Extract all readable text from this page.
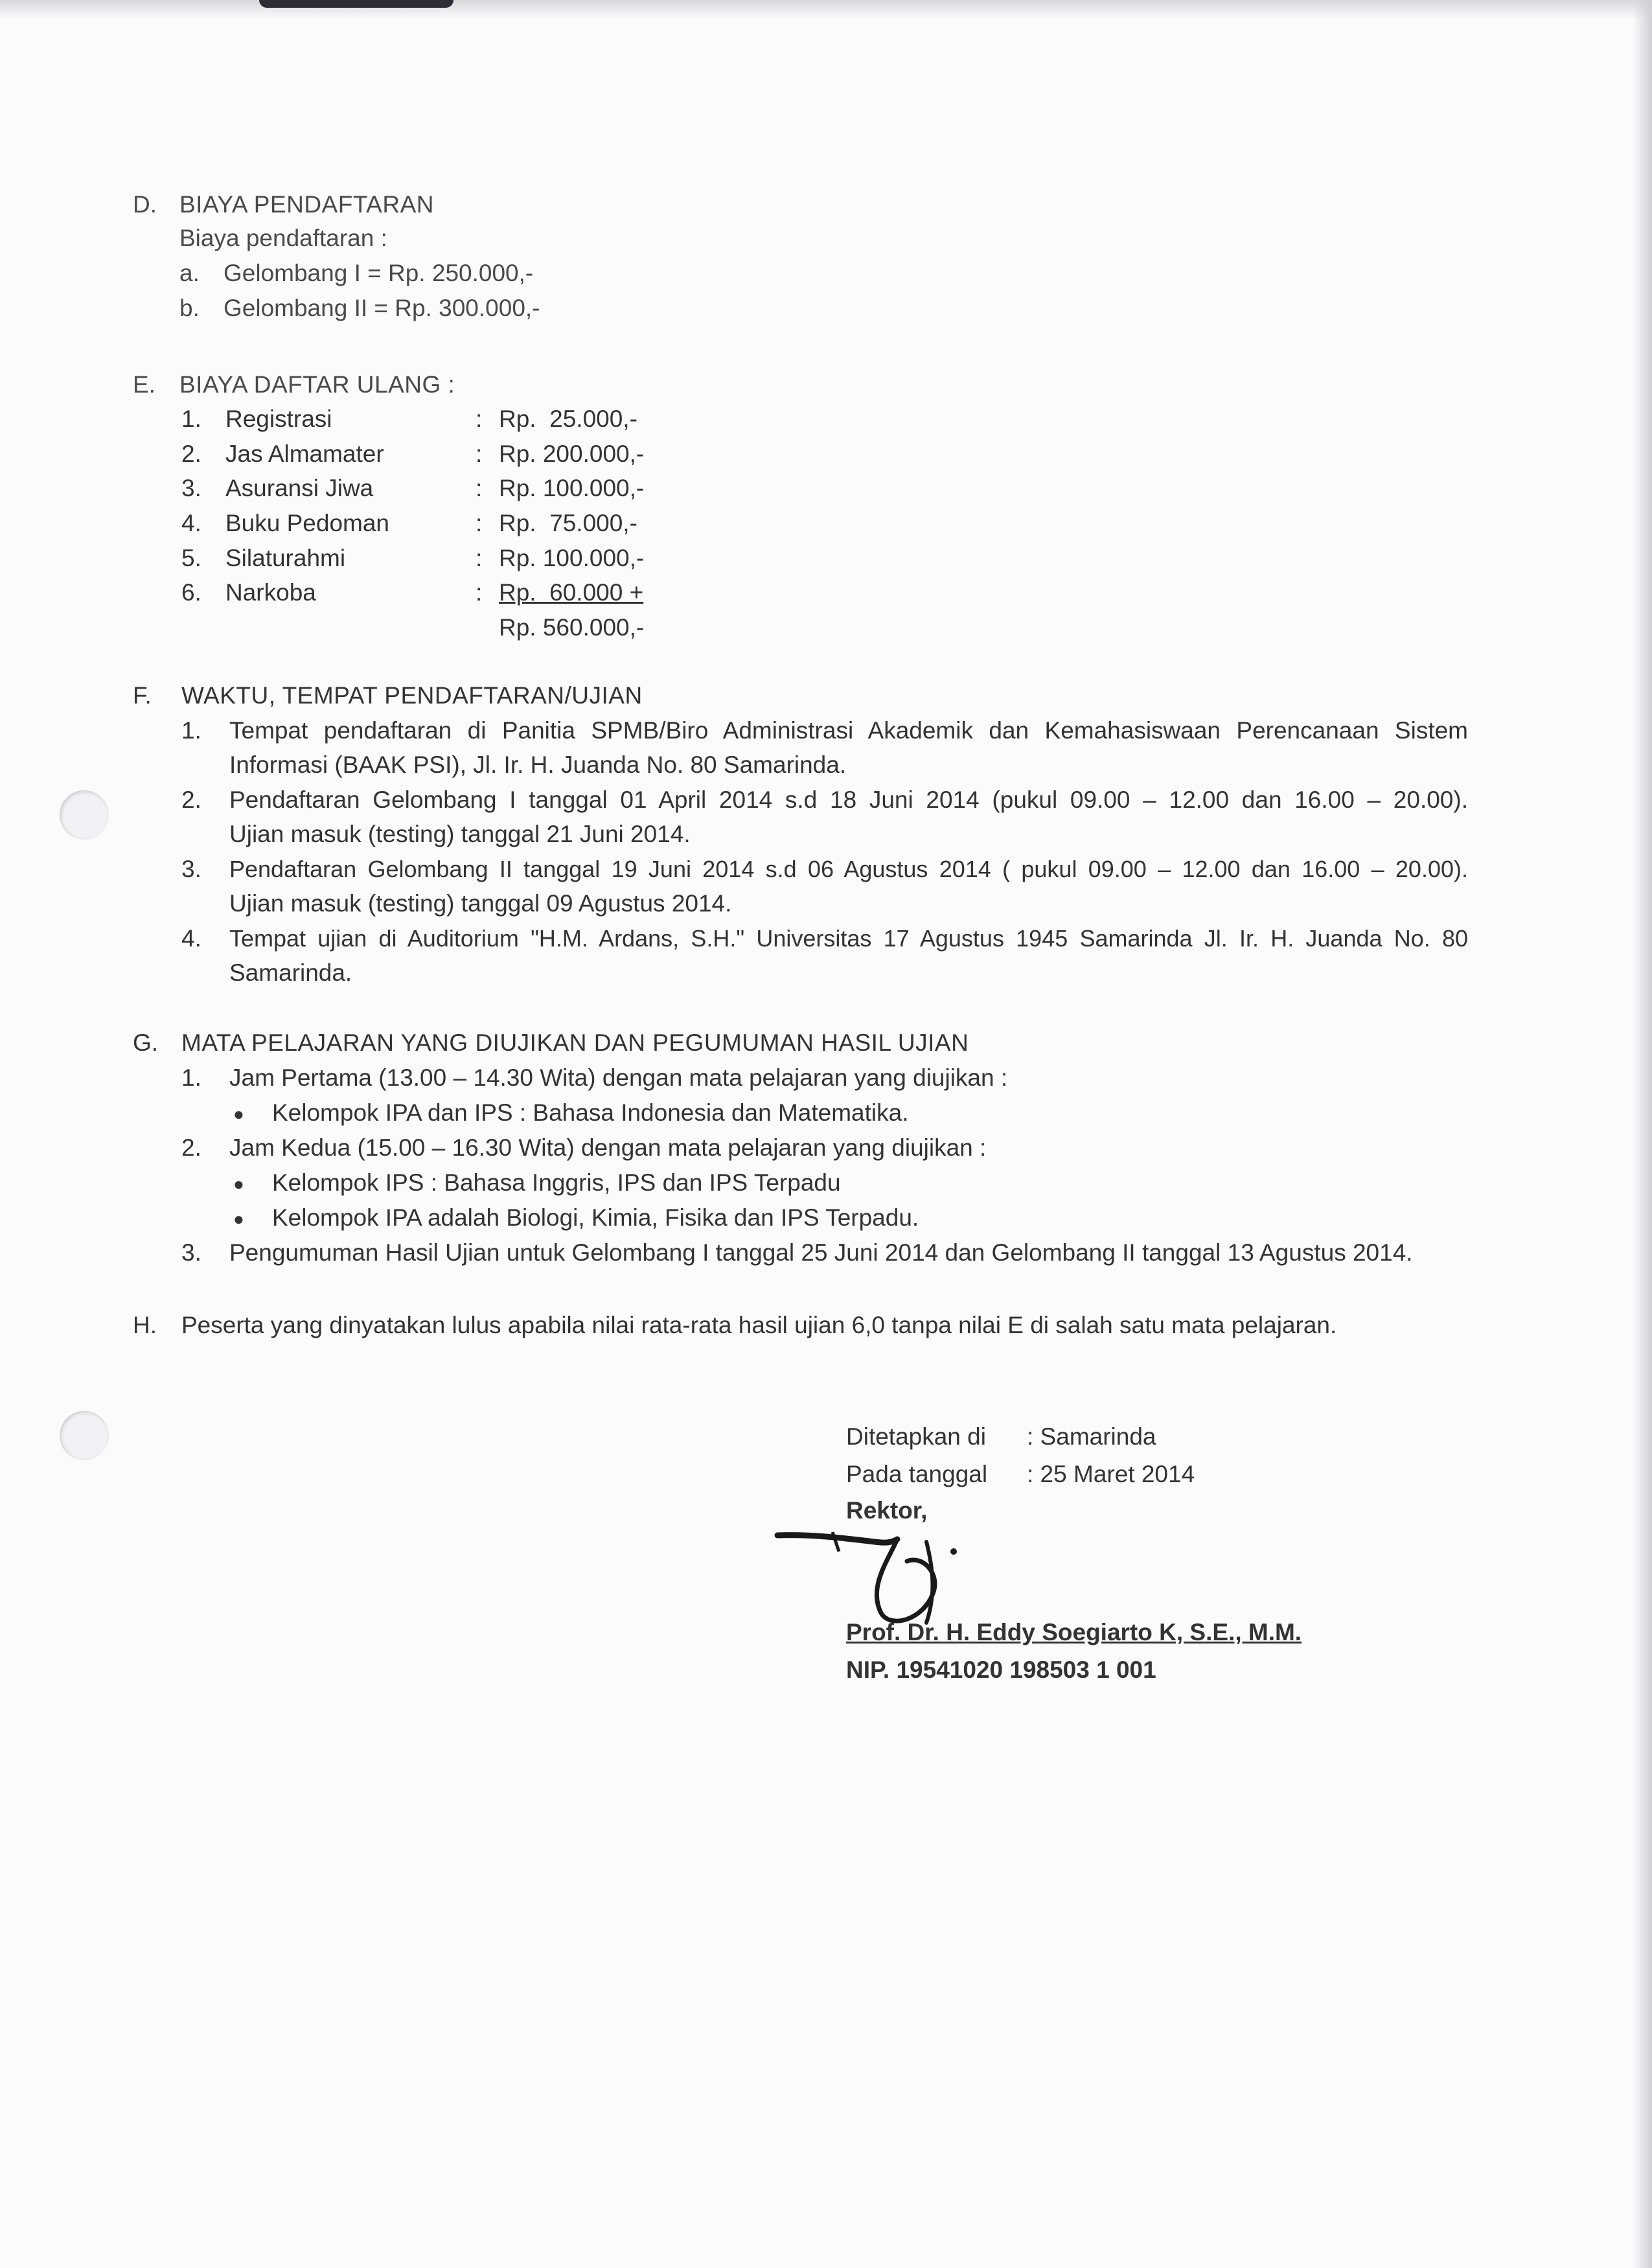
D. BIAYA PENDAFTARAN
Biaya pendaftaran :
a. Gelombang I = Rp. 250.000,-
b. Gelombang II = Rp. 300.000,-
E. BIAYA DAFTAR ULANG :
1. Registrasi	: Rp.  25.000,-
2. Jas Almamater	: Rp. 200.000,-
3. Asuransi Jiwa	: Rp. 100.000,-
4. Buku Pedoman	: Rp.  75.000,-
5. Silaturahmi	: Rp. 100.000,-
6. Narkoba	: Rp.  60.000 +
Rp. 560.000,-
F. WAKTU, TEMPAT PENDAFTARAN/UJIAN
1. Tempat pendaftaran di Panitia SPMB/Biro Administrasi Akademik dan Kemahasiswaan Perencanaan Sistem
Informasi (BAAK PSI), Jl. Ir. H. Juanda No. 80 Samarinda.
2. Pendaftaran Gelombang I tanggal 01 April 2014 s.d 18 Juni 2014 (pukul 09.00 – 12.00 dan 16.00 – 20.00).
Ujian masuk (testing) tanggal 21 Juni 2014.
3. Pendaftaran Gelombang II tanggal 19 Juni 2014 s.d 06 Agustus 2014 ( pukul 09.00 – 12.00 dan 16.00 – 20.00).
Ujian masuk (testing) tanggal 09 Agustus 2014.
4. Tempat ujian di Auditorium "H.M. Ardans, S.H." Universitas 17 Agustus 1945 Samarinda Jl. Ir. H. Juanda No. 80
Samarinda.
G. MATA PELAJARAN YANG DIUJIKAN DAN PEGUMUMAN HASIL UJIAN
1. Jam Pertama (13.00 – 14.30 Wita) dengan mata pelajaran yang diujikan :
● Kelompok IPA dan IPS : Bahasa Indonesia dan Matematika.
2. Jam Kedua (15.00 – 16.30 Wita) dengan mata pelajaran yang diujikan :
● Kelompok IPS : Bahasa Inggris, IPS dan IPS Terpadu
● Kelompok IPA adalah Biologi, Kimia, Fisika dan IPS Terpadu.
3. Pengumuman Hasil Ujian untuk Gelombang I tanggal 25 Juni 2014 dan Gelombang II tanggal 13 Agustus 2014.
H. Peserta yang dinyatakan lulus apabila nilai rata-rata hasil ujian 6,0 tanpa nilai E di salah satu mata pelajaran.
Ditetapkan di : Samarinda
Pada tanggal : 25 Maret 2014
Rektor,
Prof. Dr. H. Eddy Soegiarto K, S.E., M.M.
NIP. 19541020 198503 1 001
